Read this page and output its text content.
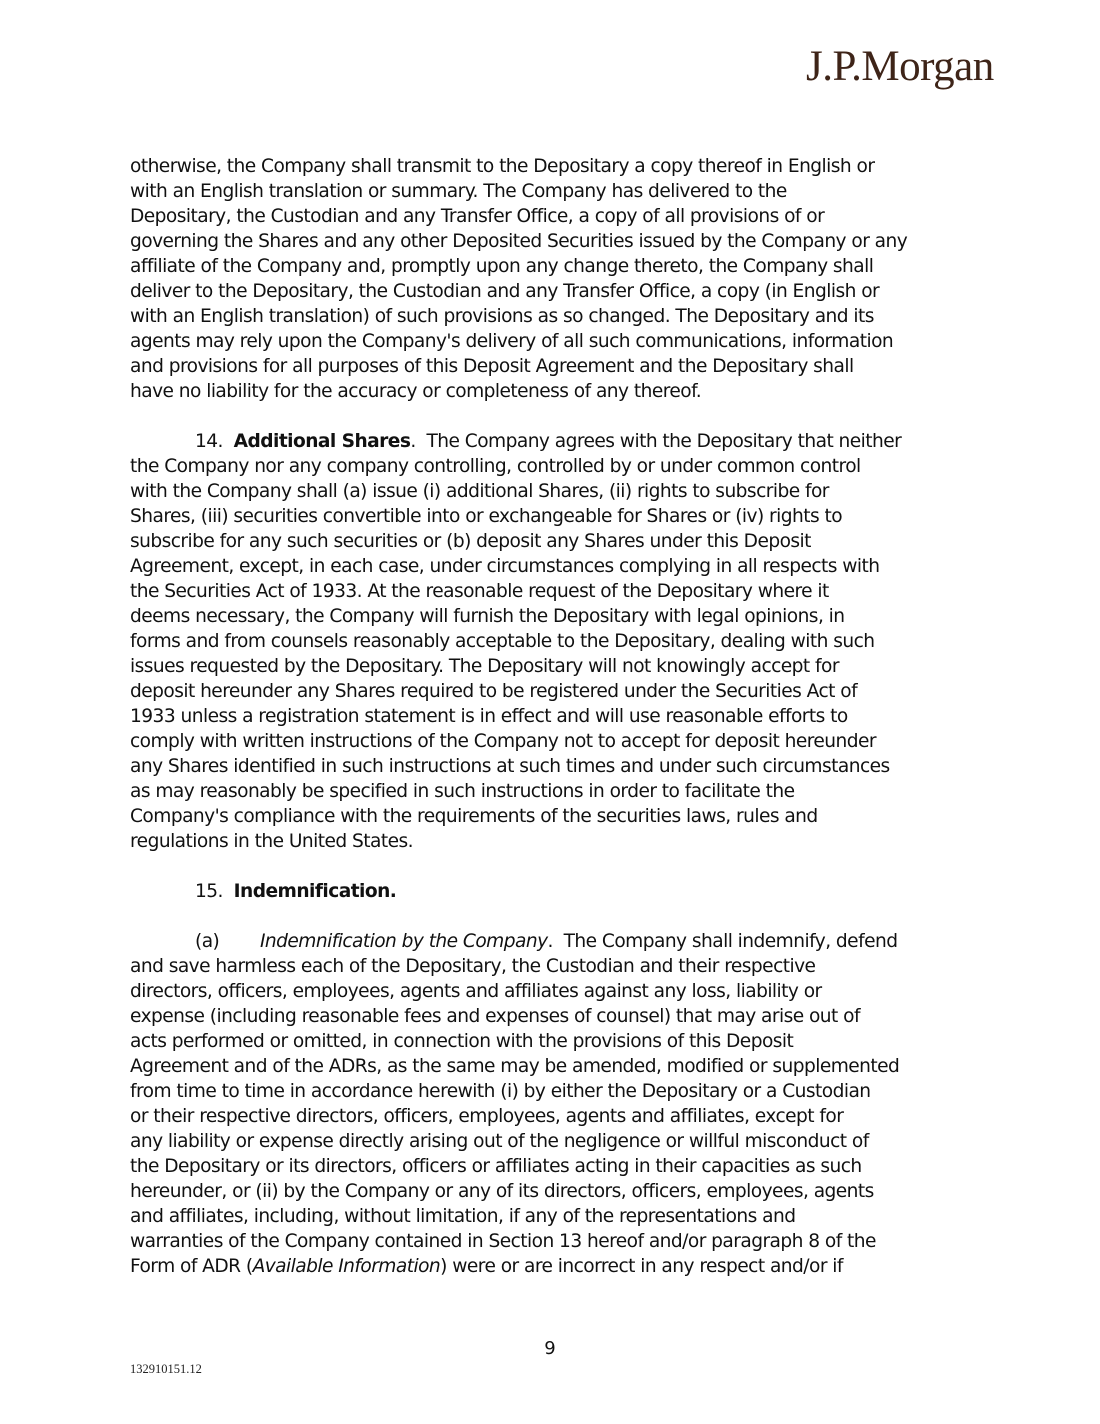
J.P.Morgan
otherwise, the Company shall transmit to the Depositary a copy thereof in English or
with an English translation or summary. The Company has delivered to the
Depositary, the Custodian and any Transfer Office, a copy of all provisions of or
governing the Shares and any other Deposited Securities issued by the Company or any
affiliate of the Company and, promptly upon any change thereto, the Company shall
deliver to the Depositary, the Custodian and any Transfer Office, a copy (in English or
with an English translation) of such provisions as so changed. The Depositary and its
agents may rely upon the Company's delivery of all such communications, information
and provisions for all purposes of this Deposit Agreement and the Depositary shall
have no liability for the accuracy or completeness of any thereof.
14. Additional Shares.  The Company agrees with the Depositary that neither
the Company nor any company controlling, controlled by or under common control
with the Company shall (a) issue (i) additional Shares, (ii) rights to subscribe for
Shares, (iii) securities convertible into or exchangeable for Shares or (iv) rights to
subscribe for any such securities or (b) deposit any Shares under this Deposit
Agreement, except, in each case, under circumstances complying in all respects with
the Securities Act of 1933. At the reasonable request of the Depositary where it
deems necessary, the Company will furnish the Depositary with legal opinions, in
forms and from counsels reasonably acceptable to the Depositary, dealing with such
issues requested by the Depositary. The Depositary will not knowingly accept for
deposit hereunder any Shares required to be registered under the Securities Act of
1933 unless a registration statement is in effect and will use reasonable efforts to
comply with written instructions of the Company not to accept for deposit hereunder
any Shares identified in such instructions at such times and under such circumstances
as may reasonably be specified in such instructions in order to facilitate the
Company's compliance with the requirements of the securities laws, rules and
regulations in the United States.
15. Indemnification.
(a) Indemnification by the Company.  The Company shall indemnify, defend
and save harmless each of the Depositary, the Custodian and their respective
directors, officers, employees, agents and affiliates against any loss, liability or
expense (including reasonable fees and expenses of counsel) that may arise out of
acts performed or omitted, in connection with the provisions of this Deposit
Agreement and of the ADRs, as the same may be amended, modified or supplemented
from time to time in accordance herewith (i) by either the Depositary or a Custodian
or their respective directors, officers, employees, agents and affiliates, except for
any liability or expense directly arising out of the negligence or willful misconduct of
the Depositary or its directors, officers or affiliates acting in their capacities as such
hereunder, or (ii) by the Company or any of its directors, officers, employees, agents
and affiliates, including, without limitation, if any of the representations and
warranties of the Company contained in Section 13 hereof and/or paragraph 8 of the
Form of ADR (Available Information) were or are incorrect in any respect and/or if
9
132910151.12
